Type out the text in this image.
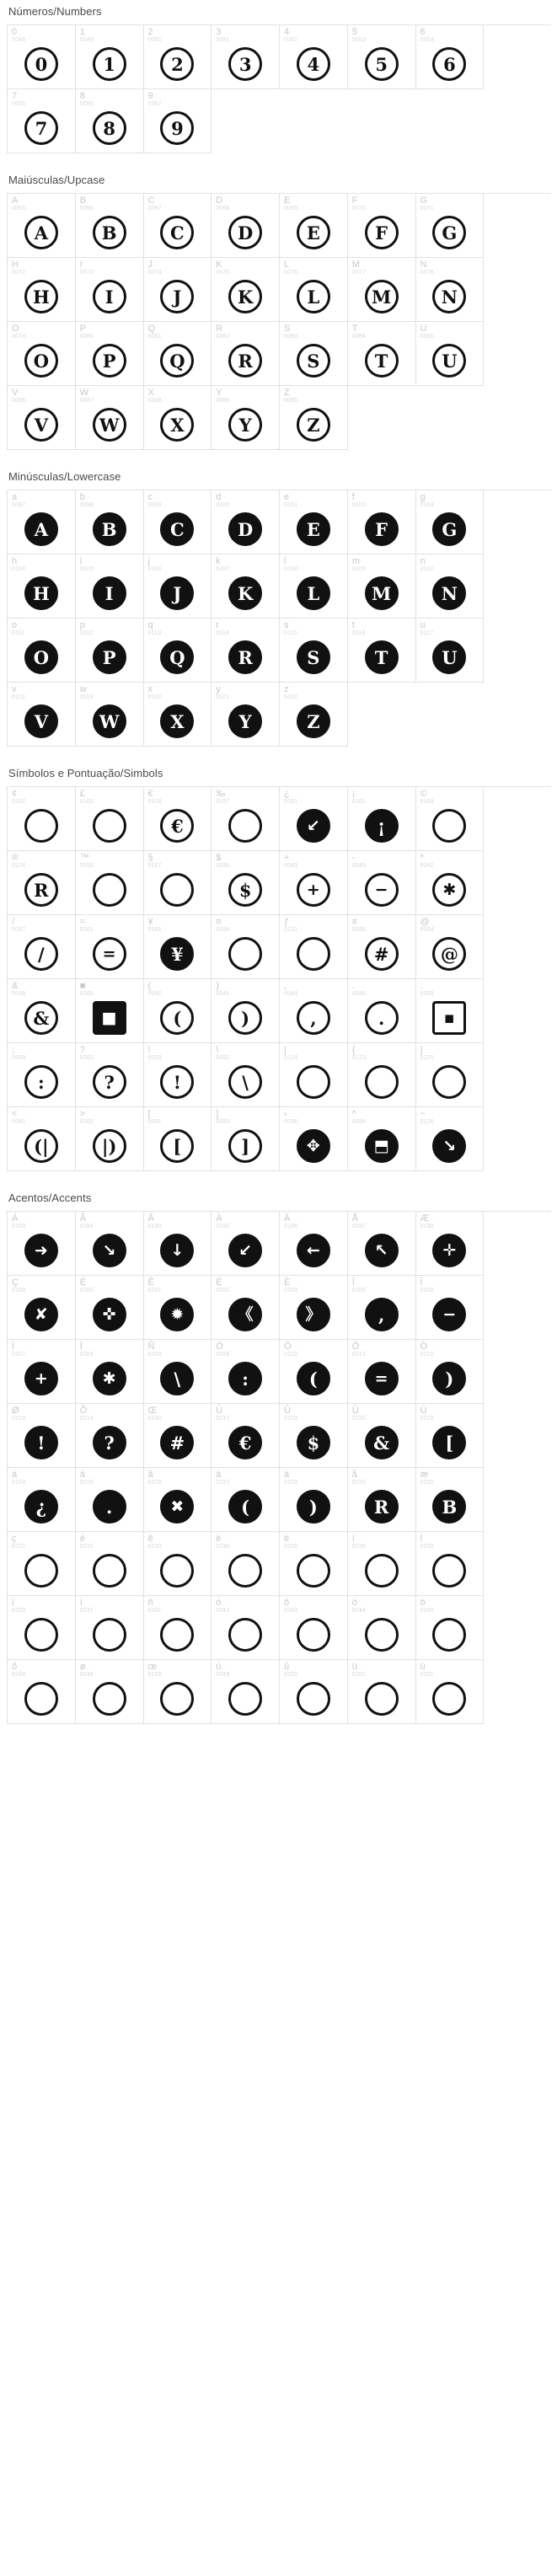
Números/Numbers
0
0048
0
1
0049
1
2
0050
2
3
0051
3
4
0052
4
5
0053
5
6
0054
6
7
0055
7
8
0056
8
9
0057
9
Maiúsculas/Upcase
A
0065
A
B
0066
B
C
0067
C
D
0068
D
E
0069
E
F
0070
F
G
0071
G
H
0072
H
I
0073
I
J
0074
J
K
0075
K
L
0076
L
M
0077
M
N
0078
N
O
0079
O
P
0080
P
Q
0081
Q
R
0082
R
S
0083
S
T
0084
T
U
0085
U
V
0086
V
W
0087
W
X
0088
X
Y
0089
Y
Z
0090
Z
Minúsculas/Lowercase
a
0097
A
b
0098
B
c
0099
C
d
0100
D
e
0101
E
f
0102
F
g
0103
G
h
0104
H
i
0105
I
j
0106
J
k
0107
K
l
0108
L
m
0109
M
n
0110
N
o
0111
O
p
0112
P
q
0113
Q
r
0114
R
s
0115
S
t
0116
T
u
0117
U
v
0118
V
w
0119
W
x
0120
X
y
0121
Y
z
0122
Z
Símbolos e Pontuação/Simbols
¢
0162
£
0163
€
0128
€
‰
0137
¿
0191
↙
¡
0161
¡
©
0169
®
0174
R
™
0153
§
0167
$
0036
$
+
0043
+
-
0045
−
*
0042
✱
/
0047
/
=
0061
=
¥
0165
¥
¤
0164
ƒ
0131
#
0035
#
@
0064
@
&
0038
&
■
0065
■
(
0040
(
)
0041
)
,
0044
,
.
0046
.
:
0058
▪
;
0059
:
?
0063
?
!
0033
!
\
0092
\
|
0124
{
0123
}
0125
<
0060
(|
>
0062
|)
[
0091
[
]
0093
]
‹
0096
✥
^
0094
⬒
~
0126
↘
Acentos/Accents
Á
0193
➜
Â
0194
↘
Ã
0195
↓
À
0192
↙
Ä
0196
←
Å
0197
↖
Æ
0198
✛
Ç
0199
✘
É
0200
✜
Ê
0201
✹
Ë
0202
《
È
0203
》
Í
0205
,
Î
0206
−
Ï
0207
+
Ì
0204
✱
Ñ
0209
\
Ó
0268
:
Ô
0212
(
Ö
0213
=
Ò
0210
)
Ø
0216
!
Õ
0214
?
Œ
0140
#
Ú
0217
€
Û
0219
$
Ü
0220
&
Ù
0218
[
á
0224
¿
â
0225
.
ã
0226
✖
à
0227
(
ä
0228
)
å
0229
R
æ
0230
B
ç
0231
é
0232
ê
0233
ë
0234
è
0235
í
0236
î
0238
ï
0239
ì
0237
ñ
0241
ó
0242
ô
0243
ö
0244
ò
0245
õ
0246
ø
0248
œ
0156
ú
0249
û
0250
ü
0252
ù
0251
